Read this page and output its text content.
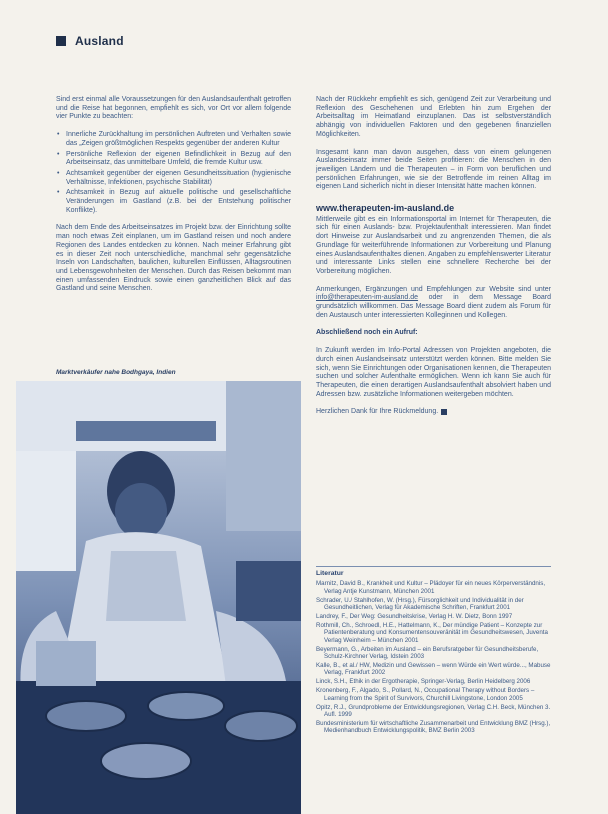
Ausland

Sind erst einmal alle Voraussetzungen für den Auslandsaufenthalt getroffen und die Reise hat begonnen, empfiehlt es sich, vor Ort vor allem folgende vier Punkte zu beachten:

• Innerliche Zurückhaltung im persönlichen Auftreten und Verhalten sowie das „Zeigen größtmöglichen Respekts gegenüber der anderen Kultur
• Persönliche Reflexion der eigenen Befindlichkeit in Bezug auf den Arbeitseinsatz, das unmittelbare Umfeld, die fremde Kultur usw.
• Achtsamkeit gegenüber der eigenen Gesundheitssituation (hygienische Verhältnisse, Infektionen, psychische Stabilität)
• Achtsamkeit in Bezug auf aktuelle politische und gesellschaftliche Veränderungen im Gastland (z.B. bei der Entstehung politischer Konflikte).

Nach dem Ende des Arbeitseinsatzes im Projekt bzw. der Einrichtung sollte man noch etwas Zeit einplanen, um im Gastland reisen und noch andere Regionen des Landes entdecken zu können. Nach meiner Erfahrung gibt es in dieser Zeit noch unterschiedliche, manchmal sehr gegensätzliche Inseln von Landschaften, baulichen, kulturellen Einflüssen, Alltagsroutinen und Lebensgewohnheiten der Menschen. Durch das Reisen bekommt man einen umfassenden Eindruck sowie einen ganzheitlichen Blick auf das Gastland und seine Menschen.

Marktverkäufer nahe Bodhgaya, Indien

Nach der Rückkehr empfiehlt es sich, genügend Zeit zur Verarbeitung und Reflexion des Geschehenen und Erlebten hin zum Ergehen der Arbeitsalltag im Heimatland einzuplanen. Das ist selbstverständlich abhängig von individuellen Faktoren und den gegebenen finanziellen Möglichkeiten.

Insgesamt kann man davon ausgehen, dass von einem gelungenen Auslandseinsatz immer beide Seiten profitieren: die Menschen in den jeweiligen Ländern und die Therapeuten – in Form von beruflichen und persönlichen Erfahrungen, wie sie der Betroffende im reinen Alltag im eigenen Land sicherlich nicht in dieser Intensität hätte machen können.

www.therapeuten-im-ausland.de

Mittlerweile gibt es ein Informationsportal im Internet für Therapeuten, die sich für einen Auslands- bzw. Projektaufenthalt interessieren. Man findet dort Hinweise zur Auslandsarbeit und zu angrenzenden Themen, die als Grundlage für weiterführende Informationen zur Vorbereitung und Planung eines Auslandsaufenthaltes dienen. Angaben zu empfehlenswerter Literatur und interessante Links stellen eine schnellere Recherche bei der Vorbereitung möglichen.

Anmerkungen, Ergänzungen und Empfehlungen zur Website sind unter info@therapeuten-im-ausland.de oder in dem Message Board grundsätzlich willkommen. Das Message Board dient zudem als Forum für den Austausch unter interessierten Kolleginnen und Kollegen.

Abschließend noch ein Aufruf:

In Zukunft werden im Info-Portal Adressen von Projekten angeboten, die durch einen Auslandseinsatz unterstützt werden können. Bitte melden Sie sich, wenn Sie Einrichtungen oder Organisationen kennen, die Therapeuten suchen und solcher Aufenthalte ermöglichen. Wenn ich kann Sie auch für Therapeuten, die einen derartigen Auslandsaufenthalt absolviert haben und Adressen bzw. zusätzliche Informationen weitergeben möchten.

Herzlichen Dank für Ihre Rückmeldung.

Literatur

Marnitz, David B., Krankheit und Kultur – Plädoyer für ein neues Körperverständnis, Verlag Antje Kunstmann, München 2001

Schrader, U./ Stahlhofen, W. (Hrsg.), Fürsorglichkeit und Individualität in der Gesundheitlichen, Verlag für Akademische Schriften, Frankfurt 2001

Landrey, F., Der Weg: Gesundheitskrise, Verlag H. W. Dietz, Bonn 1997

Rothmill, Ch., Schroedl, H.E., Hattelmann, K., Der mündige Patient – Konzepte zur Patientenberatung und Konsumentensouveränität im Gesundheitswesen, Juventa Verlag Weinheim – München 2001

Beyermann, G., Arbeiten im Ausland – ein Berufsratgeber für Gesundheitsberufe, Schulz-Kirchner Verlag, Idstein 2003

Kalle, B., et al./ HW, Medizin und Gewissen – wenn Würde ein Wert würde..., Mabuse Verlag, Frankfurt 2002

Linck, S.H., Ethik in der Ergotherapie, Springer-Verlag, Berlin Heidelberg 2006

Kronenberg, F., Algado, S., Pollard, N., Occupational Therapy without Borders – Learning from the Spirit of Survivors, Churchill Livingstone, London 2005

Opitz, R.J., Grundprobleme der Entwicklungsregionen, Verlag C.H. Beck, München 3. Aufl. 1999

Bundesministerium für wirtschaftliche Zusammenarbeit und Entwicklung BMZ (Hrsg.), Medienhandbuch Entwicklungspolitik, BMZ Berlin 2003
